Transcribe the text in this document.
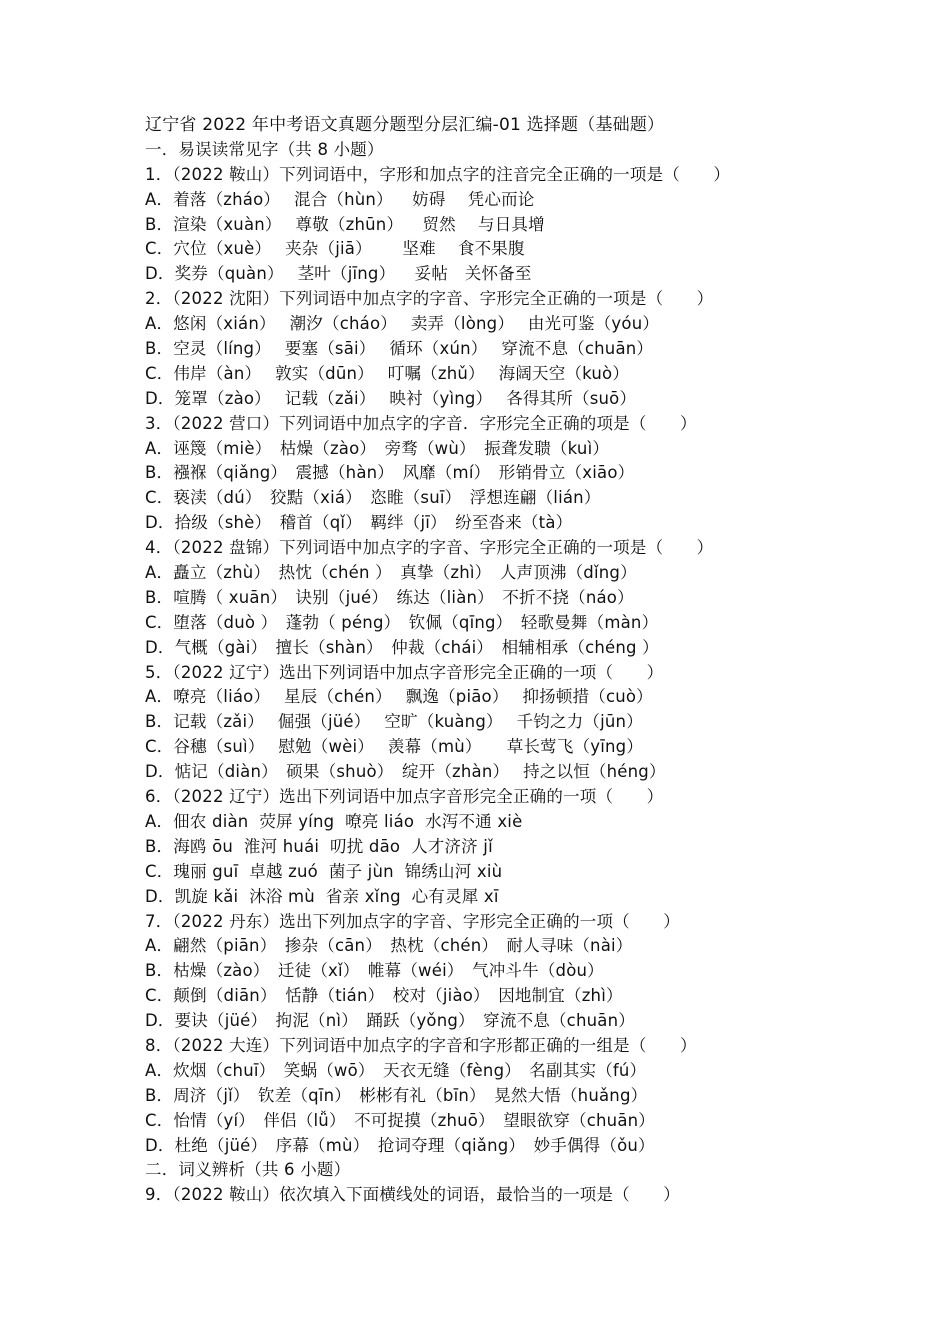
辽宁省 2022 年中考语文真题分题型分层汇编-01 选择题（基础题）
一．易误读常见字（共 8 小题）
1．（2022 鞍山）下列词语中，字形和加点字的注音完全正确的一项是（　　）
A．着落（zháo）　 混合（hùn）　  妨碍　 凭心而论
B．渲染（xuàn）　 尊敬（zhūn）　  贸然　 与日具增
C．穴位（xuè）　 夹杂（jiā）　　 坚难　 食不果腹
D．奖券（quàn）　 茎叶（jīng）　  妥帖　关怀备至
2．（2022 沈阳）下列词语中加点字的字音、字形完全正确的一项是（　　）
A．悠闲（xián）　 潮汐（cháo）　 卖弄（lòng）　 由光可鉴（yóu）
B．空灵（líng）　 要塞（sāi）　 循环（xún）　 穿流不息（chuān）
C．伟岸（àn）　 敦实（dūn）　 叮嘱（zhǔ）　 海阔天空（kuò）
D．笼罩（zào）　 记载（zǎi）　 映衬（yìng）　 各得其所（suō）
3．（2022 营口）下列词语中加点字的字音．字形完全正确的项是（　　）
A．诬篾（miè）　枯燥（zào）　旁骛（wù）　振聋发聩（kuì）
B．襁褓（qiǎng）　震撼（hàn）　风靡（mí）　形销骨立（xiāo）
C．亵渎（dú）　狡黠（xiá）　恣睢（suī）　浮想连翩（lián）
D．拾级（shè）　稽首（qǐ）　羁绊（jī）　纷至沓来（tà）
4．（2022 盘锦）下列词语中加点字的字音、字形完全正确的一项是（　　）
A．矗立（zhù）　热忱（chén ）　真挚（zhì）　人声顶沸（dǐng）
B．喧腾（ xuān）　诀别（jué）　练达（liàn）　不折不挠（náo）
C．堕落（duò ）　蓬勃（ péng）　钦佩（qīng）　轻歌曼舞（màn）
D．气概（gài）　擅长（shàn）　仲裁（chái）　相辅相承（chéng ）
5．（2022 辽宁）选出下列词语中加点字音形完全正确的一项（　　）
A．嘹亮（liáo）　 星辰（chén）　 飘逸（piāo）　 抑扬顿措（cuò）
B．记载（zǎi）　 倔强（jüé）　 空旷（kuàng）　 千钧之力（jūn）
C．谷穗（suì）　 慰勉（wèi）　 羡幕（mù）　　草长莺飞（yīng）
D．惦记（diàn）　硕果（shuò）　绽开（zhàn）　 持之以恒（héng）
6．（2022 辽宁）选出下列词语中加点字音形完全正确的一项（　　）
A．佃农 diàn  荧屏 yíng  嘹亮 liáo  水泻不通 xiè
B．海鸥 ōu  淮河 huái  叨扰 dāo  人才济济 jǐ
C．瑰丽 guī  卓越 zuó  菌子 jùn  锦绣山河 xiù
D．凯旋 kǎi  沐浴 mù  省亲 xǐng  心有灵犀 xī
7．（2022 丹东）选出下列加点字的字音、字形完全正确的一项（　　）
A．翩然（piān）　掺杂（cān）　热枕（chén）　耐人寻味（nài）
B．枯燥（zào）　迁徒（xǐ）　帷幕（wéi）　气冲斗牛（dòu）
C．颠倒（diān）　恬静（tián）　校对（jiào）　因地制宜（zhì）
D．要诀（jüé）　拘泥（nì）　踊跃（yǒng）　穿流不息（chuān）
8．（2022 大连）下列词语中加点字的字音和字形都正确的一组是（　　）
A．炊烟（chuī）　笑蜗（wō）　天衣无缝（fèng）　名副其实（fú）
B．周济（jǐ）　钦差（qīn）　彬彬有礼（bīn）　晃然大悟（huǎng）
C．怡情（yí）　伴侣（lǚ）　不可捉摸（zhuō）　望眼欲穿（chuān）
D．杜绝（jüé）　序幕（mù）　抢词夺理（qiǎng）　妙手偶得（ǒu）
二．词义辨析（共 6 小题）
9．（2022 鞍山）依次填入下面横线处的词语，最恰当的一项是（　　）
